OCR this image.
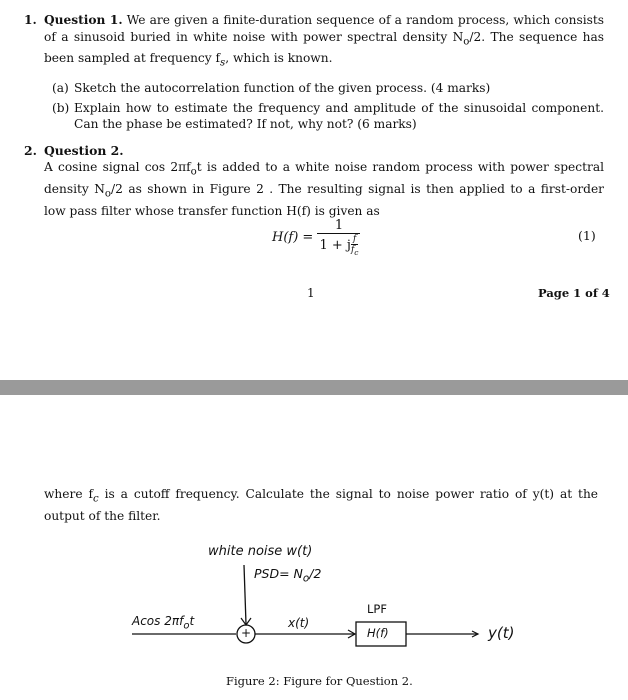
1. Question 1. We are given a finite-duration sequence of a random process, which consists of a sinusoid buried in white noise with power spectral density $N_o/2$. The sequence has been sampled at frequency $f_s$, which is known.
(a) Sketch the autocorrelation function of the given process. (4 marks)
(b) Explain how to estimate the frequency and amplitude of the sinusoidal component. Can the phase be estimated? If not, why not? (6 marks)
2. Question 2.
A cosine signal $\cos 2\pi f_ot$ is added to a white noise random process with power spectral density $N_o/2$ as shown in Figure 2 . The resulting signal is then applied to a first-order low pass filter whose transfer function H(f) is given as
$H(f) = \frac{1}{1 + j \frac{f}{f_c}}$	(1)
1	Page 1 of 4
where $f_c$ is a cutoff frequency. Calculate the signal to noise power ratio of y(t) at the output of the filter.
white noise w(t)
$PSD= N_o/2$
Acos $2\pi f_ot$
+
x(t)
LPF
H(f)	y(t)
Figure 2: Figure for Question 2.
